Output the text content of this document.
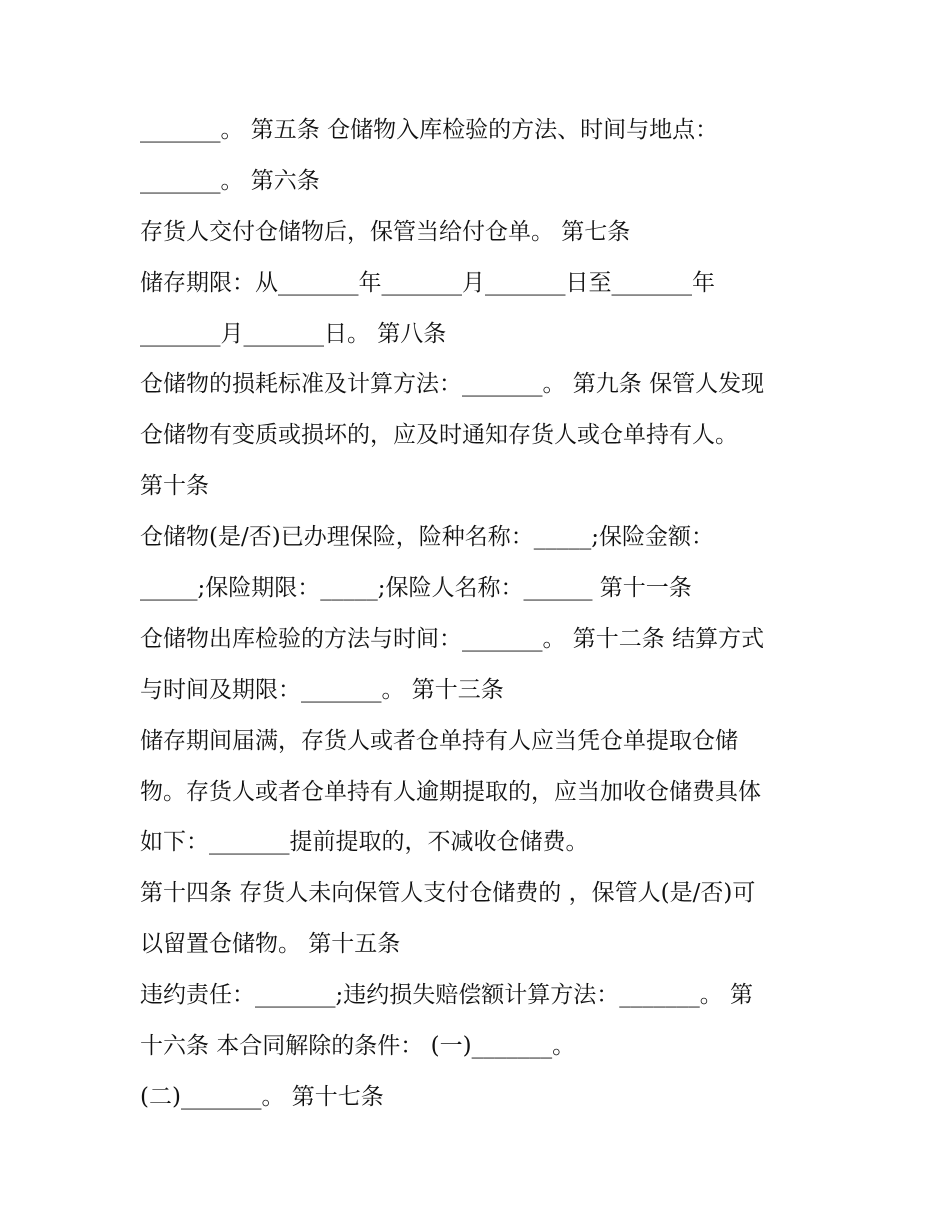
_______。 第五条 仓储物入库检验的方法、时间与地点：
_______。 第六条
存货人交付仓储物后，保管当给付仓单。 第七条
储存期限：从_______年_______月_______日至_______年
_______月_______日。 第八条
仓储物的损耗标准及计算方法：_______。 第九条 保管人发现
仓储物有变质或损坏的，应及时通知存货人或仓单持有人。
第十条
仓储物(是/否)已办理保险，险种名称：_____;保险金额：
_____;保险期限：_____;保险人名称：______ 第十一条
仓储物出库检验的方法与时间：_______。 第十二条 结算方式
与时间及期限：_______。 第十三条
储存期间届满，存货人或者仓单持有人应当凭仓单提取仓储
物。存货人或者仓单持有人逾期提取的，应当加收仓储费具体
如下：_______提前提取的，不减收仓储费。
第十四条 存货人未向保管人支付仓储费的 ，保管人(是/否)可
以留置仓储物。 第十五条
违约责任：_______;违约损失赔偿额计算方法：_______。 第
十六条 本合同解除的条件： (一)_______。
(二)_______。 第十七条
